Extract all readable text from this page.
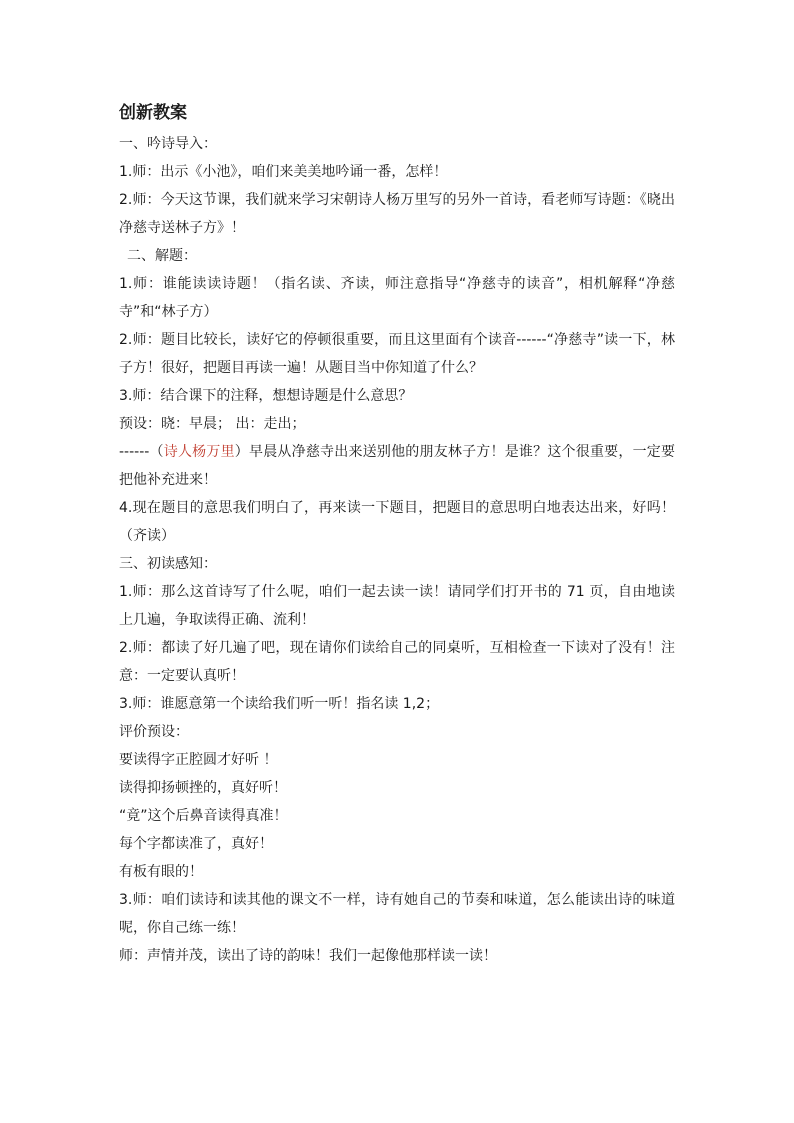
创新教案

一、吟诗导入：

1.师：出示《小池》，咱们来美美地吟诵一番，怎样！

2.师：今天这节课，我们就来学习宋朝诗人杨万里写的另外一首诗，看老师写诗题：《晓出净慈寺送林子方》！

二、解题：

1.师：谁能读读诗题！（指名读、齐读，师注意指导“净慈寺的读音”，相机解释“净慈寺”和“林子方）

2.师：题目比较长，读好它的停顿很重要，而且这里面有个读音------“净慈寺”读一下，林子方！很好，把题目再读一遍！从题目当中你知道了什么？

3.师：结合课下的注释，想想诗题是什么意思？

预设：晓：早晨； 出：走出；

------（诗人杨万里）早晨从净慈寺出来送别他的朋友林子方！是谁？这个很重要，一定要把他补充进来！

4.现在题目的意思我们明白了，再来读一下题目，把题目的意思明白地表达出来，好吗！（齐读）

三、初读感知：

1.师：那么这首诗写了什么呢，咱们一起去读一读！请同学们打开书的 71 页，自由地读上几遍，争取读得正确、流利！

2.师：都读了好几遍了吧，现在请你们读给自己的同桌听，互相检查一下读对了没有！注意：一定要认真听！

3.师：谁愿意第一个读给我们听一听！指名读 1,2；

评价预设：

要读得字正腔圆才好听 ！

读得抑扬顿挫的，真好听！

“竟”这个后鼻音读得真准！

每个字都读准了，真好！

有板有眼的！

3.师：咱们读诗和读其他的课文不一样，诗有她自己的节奏和味道，怎么能读出诗的味道呢，你自己练一练！

师：声情并茂，读出了诗的韵味！我们一起像他那样读一读！
